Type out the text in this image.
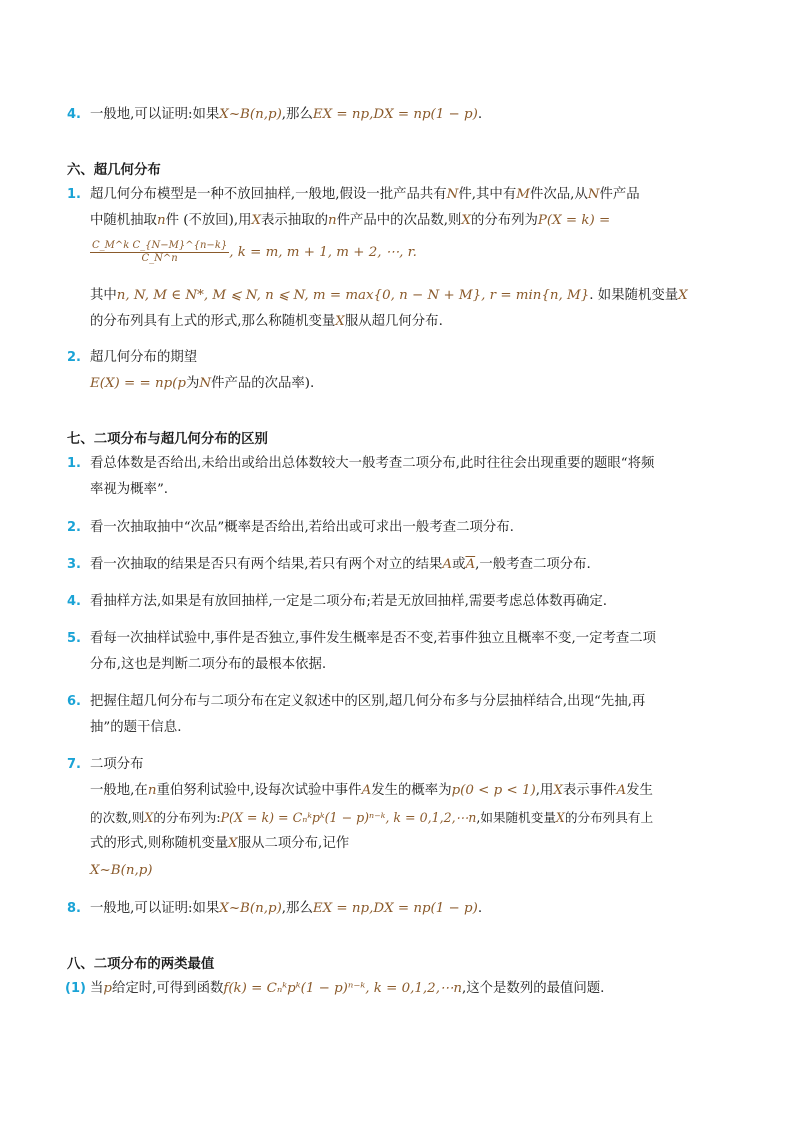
4. 一般地,可以证明:如果X~B(n,p),那么EX = np,DX = np(1 − p).
六、超几何分布
1. 超几何分布模型是一种不放回抽样,一般地,假设一批产品共有N件,其中有M件次品,从N件产品
中随机抽取n件 (不放回),用X表示抽取的n件产品中的次品数,则X的分布列为P(X = k) =
$\frac{\text{C\_M\textasciicircum{}k C\_\{N−M\}\textasciicircum{}\{n−k\}}}{C\_N\^{}n}$ , k = m, m + 1, m + 2, ⋯, r.
其中n, N, M ∈ N*, M ⩽ N, n ⩽ N, m = max{0, n − N + M}, r = min{n, M}. 如果随机变量X
的分布列具有上式的形式,那么称随机变量X服从超几何分布.
2. 超几何分布的期望
E(X) = = np(p为N件产品的次品率).
七、二项分布与超几何分布的区别
1. 看总体数是否给出,未给出或给出总体数较大一般考查二项分布,此时往往会出现重要的题眼“将频
率视为概率”.
2. 看一次抽取抽中“次品”概率是否给出,若给出或可求出一般考查二项分布.
3. 看一次抽取的结果是否只有两个结果,若只有两个对立的结果A或$\overline{A}$,一般考查二项分布.
4. 看抽样方法,如果是有放回抽样,一定是二项分布;若是无放回抽样,需要考虑总体数再确定.
5. 看每一次抽样试验中,事件是否独立,事件发生概率是否不变,若事件独立且概率不变,一定考查二项
分布,这也是判断二项分布的最根本依据.
6. 把握住超几何分布与二项分布在定义叙述中的区别,超几何分布多与分层抽样结合,出现“先抽,再
抽”的题干信息.
7. 二项分布
一般地,在n重伯努利试验中,设每次试验中事件A发生的概率为p(0 < p < 1),用X表示事件A发生
的次数,则X的分布列为:P(X = k) = Cₙᵏpᵏ(1 − p)ⁿ⁻ᵏ, k = 0,1,2,⋯n,如果随机变量X的分布列具有上
式的形式,则称随机变量X服从二项分布,记作
X~B(n,p)
8. 一般地,可以证明:如果X~B(n,p),那么EX = np,DX = np(1 − p).
八、二项分布的两类最值
(1) 当p给定时,可得到函数f(k) = Cₙᵏpᵏ(1 − p)ⁿ⁻ᵏ, k = 0,1,2,⋯n,这个是数列的最值问题.
